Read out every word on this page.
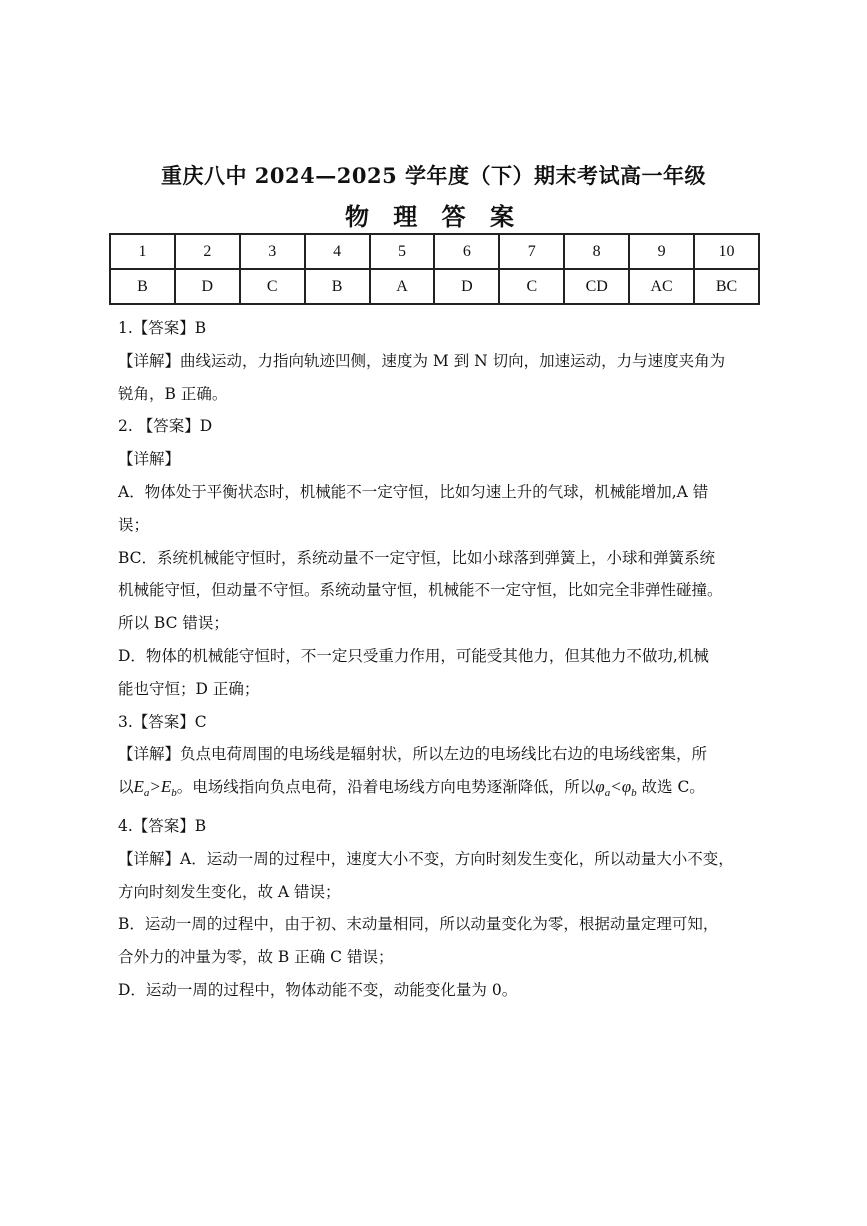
重庆八中 2024—2025 学年度（下）期末考试高一年级
物 理 答 案
1	2	3	4	5	6	7	8	9	10
B	D	C	B	A	D	C	CD	AC	BC

1.【答案】B

【详解】曲线运动，力指向轨迹凹侧，速度为 M 到 N 切向，加速运动，力与速度夹角为

锐角，B 正确。

2. 【答案】D

【详解】

A．物体处于平衡状态时，机械能不一定守恒，比如匀速上升的气球，机械能增加,A 错

误；

BC．系统机械能守恒时，系统动量不一定守恒，比如小球落到弹簧上，小球和弹簧系统

机械能守恒，但动量不守恒。系统动量守恒，机械能不一定守恒，比如完全非弹性碰撞。

所以 BC 错误；

D．物体的机械能守恒时，不一定只受重力作用，可能受其他力，但其他力不做功,机械

能也守恒；D 正确；

3.【答案】C

【详解】负点电荷周围的电场线是辐射状，所以左边的电场线比右边的电场线密集，所

以$E_a>E_b$。电场线指向负点电荷，沿着电场线方向电势逐渐降低，所以$\varphi_a<\varphi_b$ 故选 C。

4.【答案】B

【详解】A．运动一周的过程中，速度大小不变，方向时刻发生变化，所以动量大小不变，

方向时刻发生变化，故 A 错误；

B．运动一周的过程中，由于初、末动量相同，所以动量变化为零，根据动量定理可知，

合外力的冲量为零，故 B 正确 C 错误；

D．运动一周的过程中，物体动能不变，动能变化量为 0。
